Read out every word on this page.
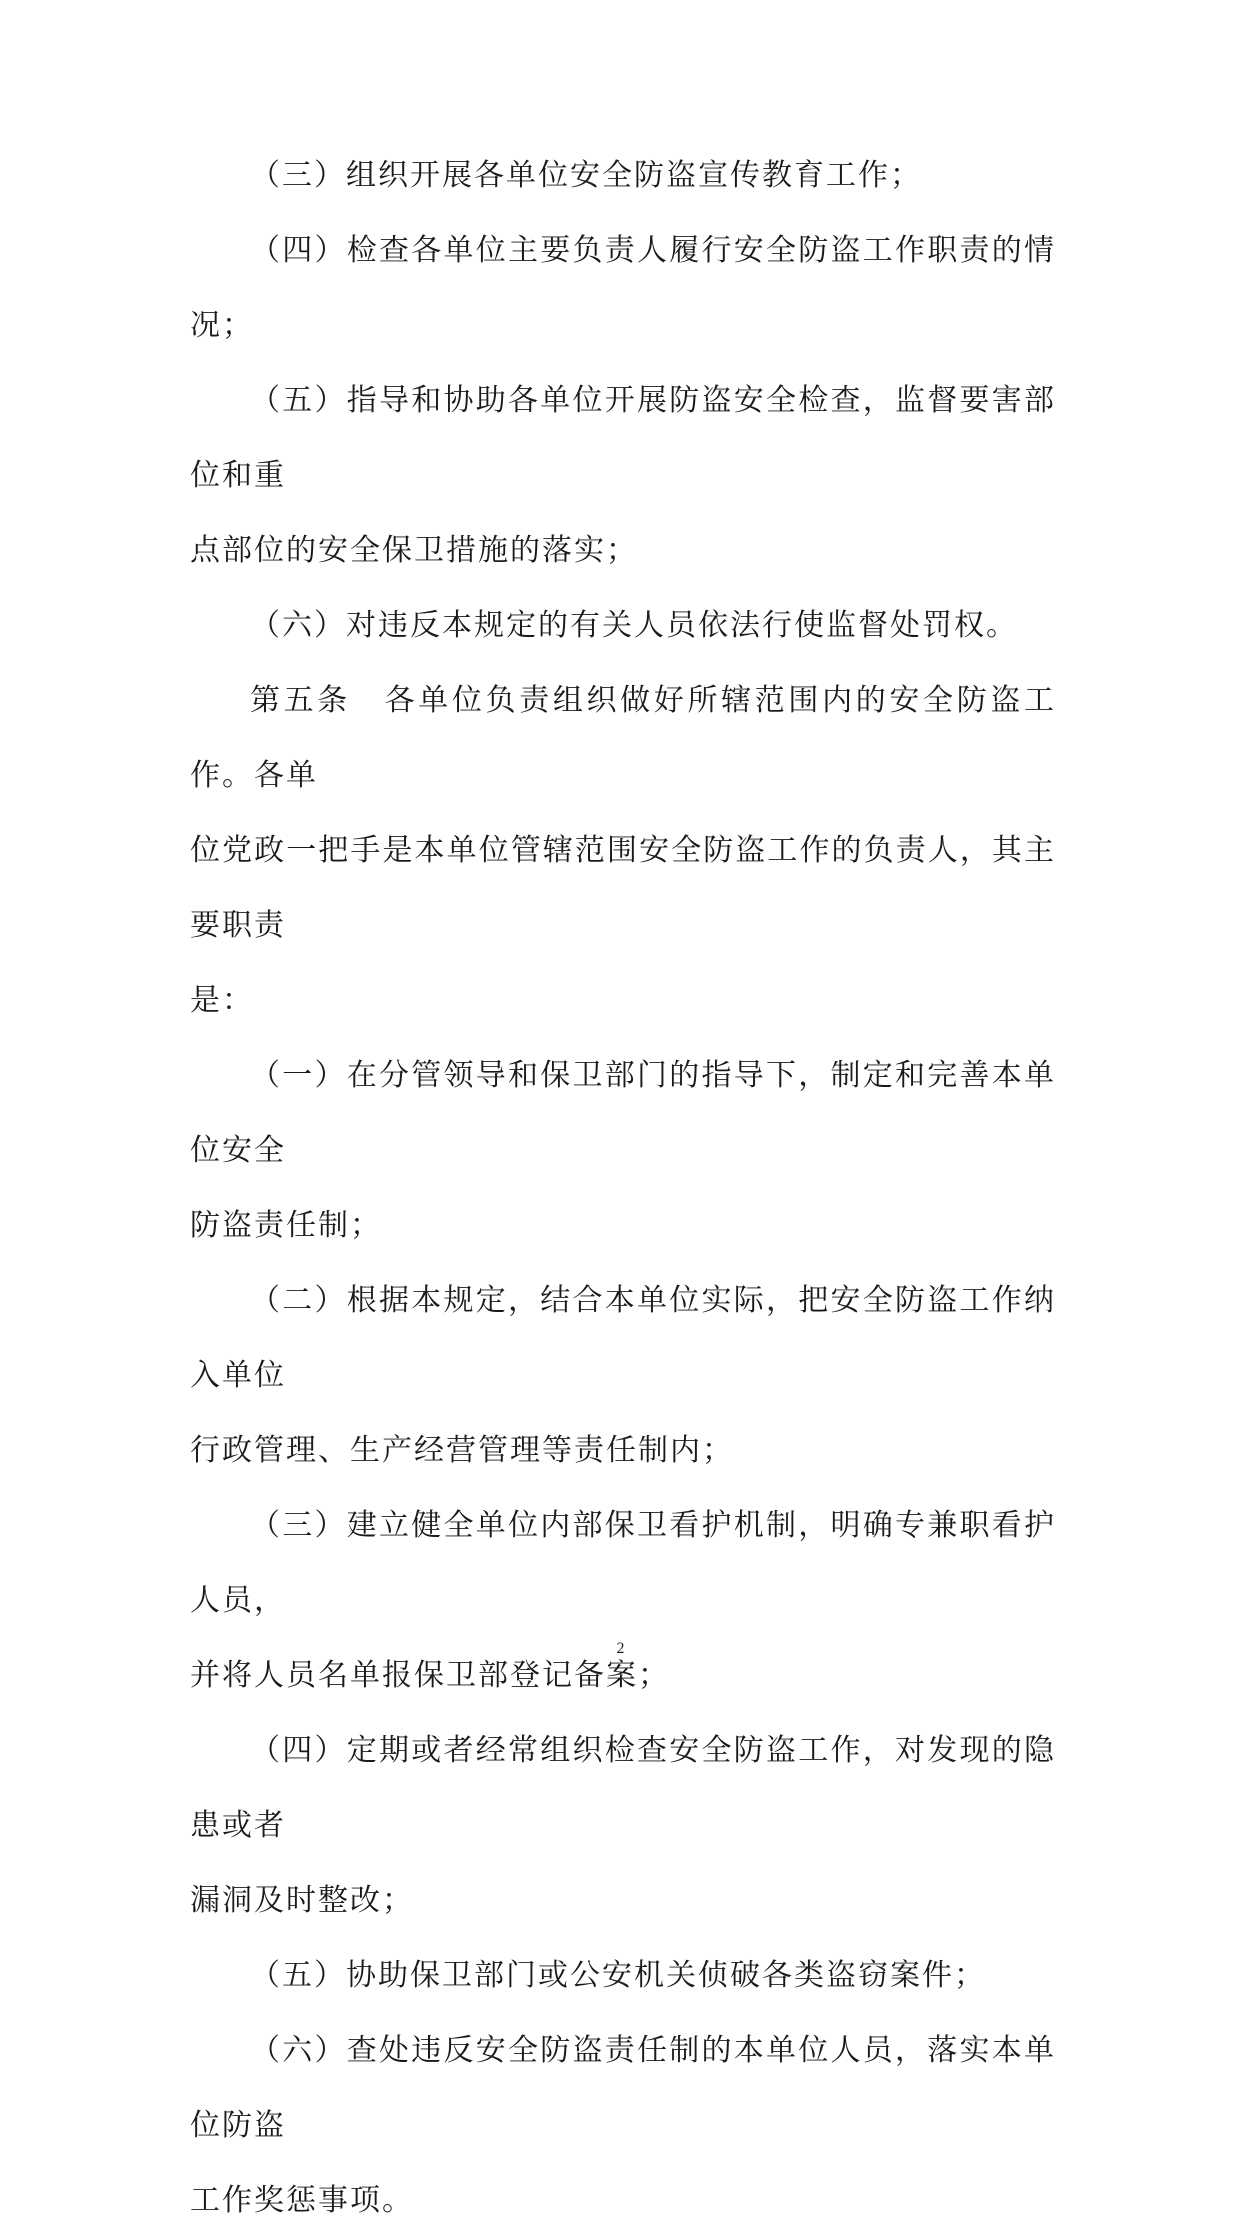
（三）组织开展各单位安全防盗宣传教育工作；
（四）检查各单位主要负责人履行安全防盗工作职责的情况；
（五）指导和协助各单位开展防盗安全检查，监督要害部位和重
点部位的安全保卫措施的落实；
（六）对违反本规定的有关人员依法行使监督处罚权。
第五条　各单位负责组织做好所辖范围内的安全防盗工作。各单
位党政一把手是本单位管辖范围安全防盗工作的负责人，其主要职责
是：
（一）在分管领导和保卫部门的指导下，制定和完善本单位安全
防盗责任制；
（二）根据本规定，结合本单位实际，把安全防盗工作纳入单位
行政管理、生产经营管理等责任制内；
（三）建立健全单位内部保卫看护机制，明确专兼职看护人员，
并将人员名单报保卫部登记备案；
（四）定期或者经常组织检查安全防盗工作，对发现的隐患或者
漏洞及时整改；
（五）协助保卫部门或公安机关侦破各类盗窃案件；
（六）查处违反安全防盗责任制的本单位人员，落实本单位防盗
工作奖惩事项。
2
